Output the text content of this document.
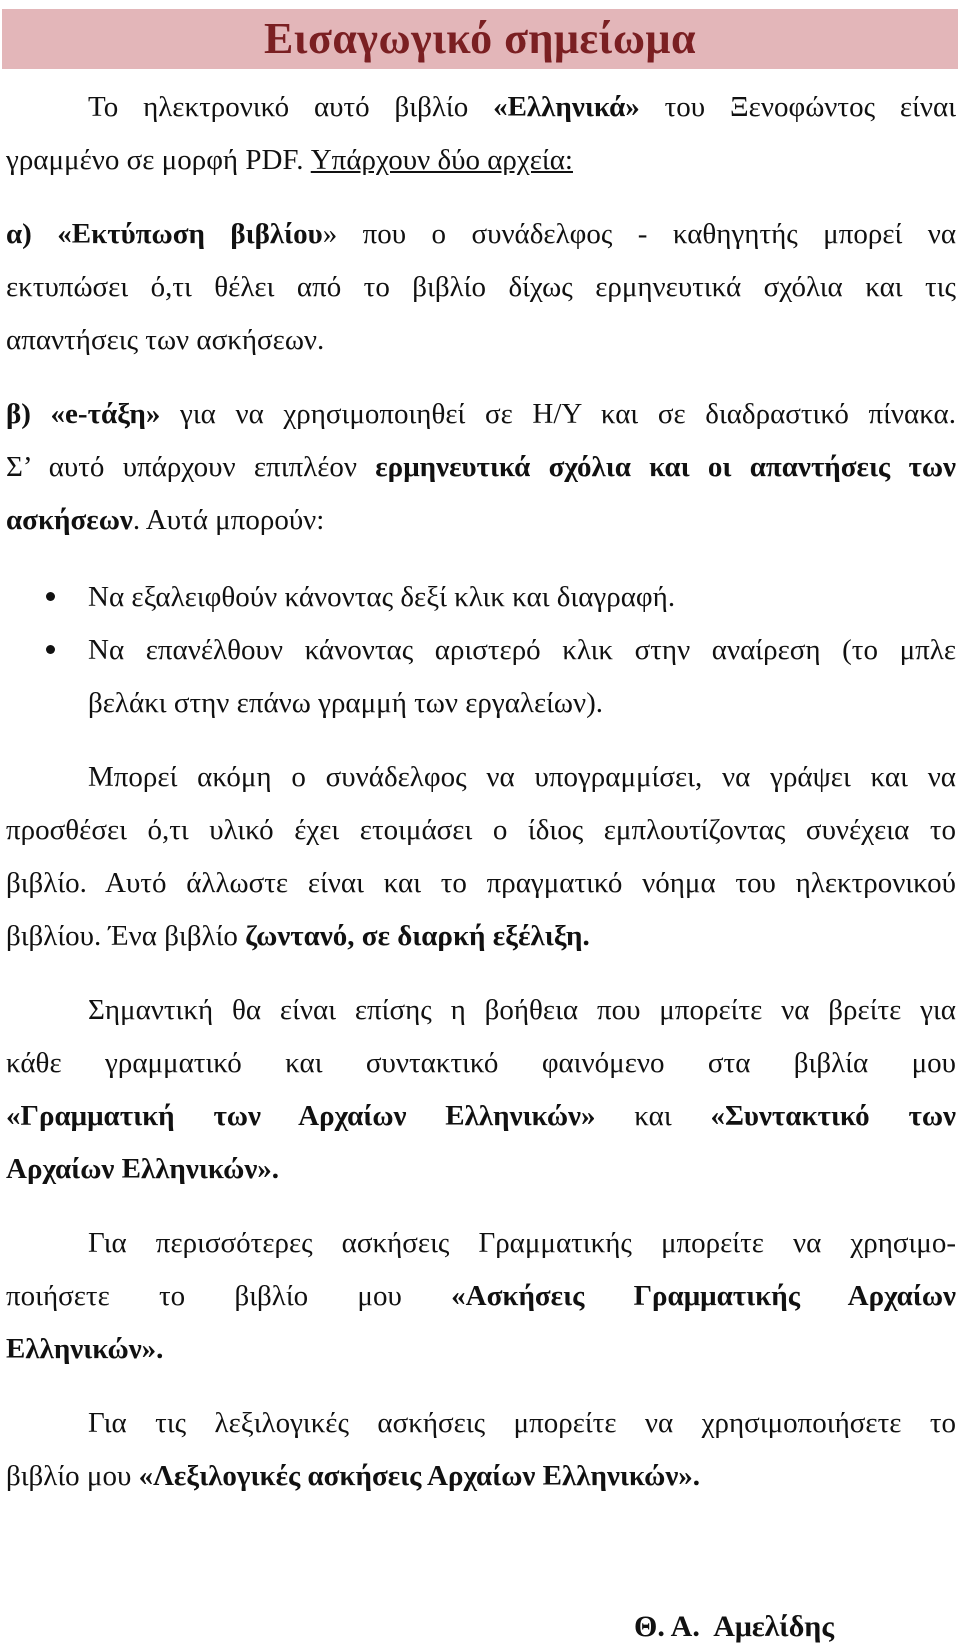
Εισαγωγικό σημείωμα
Το ηλεκτρονικό αυτό βιβλίο «Ελληνικά» του Ξενοφώντος είναι
γραμμένο σε μορφή PDF. Υπάρχουν δύο αρχεία:
α) «Εκτύπωση βιβλίου» που ο συνάδελφος - καθηγητής μπορεί να
εκτυπώσει ό,τι θέλει από το βιβλίο δίχως ερμηνευτικά σχόλια και τις
απαντήσεις των ασκήσεων.
β) «e-τάξη» για να χρησιμοποιηθεί σε Η/Υ και σε διαδραστικό πίνακα.
Σ’ αυτό υπάρχουν επιπλέον ερμηνευτικά σχόλια και οι απαντήσεις των
ασκήσεων. Αυτά μπορούν:
Να εξαλειφθούν κάνοντας δεξί κλικ και διαγραφή.
Να επανέλθουν κάνοντας αριστερό κλικ στην αναίρεση (το μπλε
βελάκι στην επάνω γραμμή των εργαλείων).
Μπορεί ακόμη ο συνάδελφος να υπογραμμίσει, να γράψει και να
προσθέσει ό,τι υλικό έχει ετοιμάσει ο ίδιος εμπλουτίζοντας συνέχεια το
βιβλίο. Αυτό άλλωστε είναι και το πραγματικό νόημα του ηλεκτρονικού
βιβλίου. Ένα βιβλίο ζωντανό, σε διαρκή εξέλιξη.
Σημαντική θα είναι επίσης η βοήθεια που μπορείτε να βρείτε για
κάθε γραμματικό και συντακτικό φαινόμενο στα βιβλία μου
«Γραμματική των Αρχαίων Ελληνικών» και «Συντακτικό των
Αρχαίων Ελληνικών».
Για περισσότερες ασκήσεις Γραμματικής μπορείτε να χρησιμο-
ποιήσετε το βιβλίο μου «Ασκήσεις Γραμματικής Αρχαίων
Ελληνικών».
Για τις λεξιλογικές ασκήσεις μπορείτε να χρησιμοποιήσετε το
βιβλίο μου «Λεξιλογικές ασκήσεις Αρχαίων Ελληνικών».
Θ. Α.  Αμελίδης
